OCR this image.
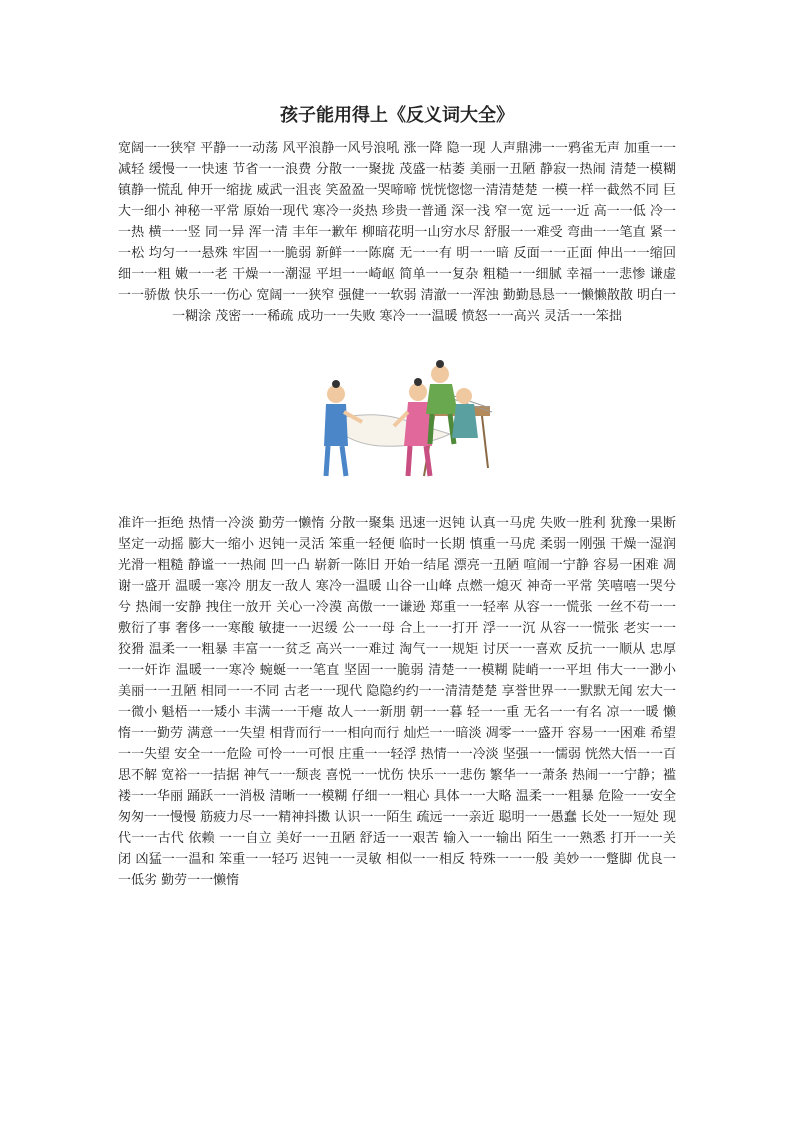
孩子能用得上《反义词大全》

宽阔一一狭窄 平静一一动荡 风平浪静一风号浪吼 涨一降 隐一现 人声鼎沸一一鸦雀无声 加重一一减轻 缓慢一一快速 节省一一浪费 分散一一聚拢 茂盛一枯萎 美丽一丑陋 静寂一热闹 清楚一模糊 镇静一慌乱 伸开一缩拢 威武一沮丧 笑盈盈一哭啼啼 恍恍惚惚一清清楚楚 一模一样一截然不同 巨大一细小 神秘一平常 原始一现代 寒冷一炎热 珍贵一普通 深一浅 窄一宽 远一一近 高一一低 冷一一热 横一一竖 同一异 浑一清 丰年一歉年 柳暗花明一山穷水尽 舒服一一难受 弯曲一一笔直 紧一一松 均匀一一悬殊 牢固一一脆弱 新鲜一一陈腐 无一一有 明一一暗 反面一一正面 伸出一一缩回 细一一粗 嫩一一老 干燥一一潮湿 平坦一一崎岖 简单一一复杂 粗糙一一细腻 幸福一一悲惨 谦虚一一骄傲 快乐一一伤心 宽阔一一狭窄 强健一一软弱 清澈一一浑浊 勤勤恳恳一一懒懒散散 明白一一糊涂 茂密一一稀疏 成功一一失败 寒冷一一温暖 愤怒一一高兴 灵活一一笨拙

准许一拒绝 热情一冷淡 勤劳一懒惰 分散一聚集 迅速一迟钝 认真一马虎 失败一胜利 犹豫一果断 坚定一动摇 膨大一缩小 迟钝一灵活 笨重一轻便 临时一长期 慎重一马虎 柔弱一刚强 干燥一湿润 光滑一粗糙 静谧一一热闹 凹一凸 崭新一陈旧 开始一结尾 漂亮一丑陋 喧闹一宁静 容易一困难 凋谢一盛开 温暖一寒冷 朋友一敌人 寒冷一温暖 山谷一山峰 点燃一熄灭 神奇一平常 笑嘻嘻一哭兮兮 热闹一安静 拽住一放开 关心一冷漠 高傲一一谦逊 郑重一一轻率 从容一一慌张 一丝不苟一一敷衍了事 奢侈一一寒酸 敏捷一一迟缓 公一一母 合上一一打开 浮一一沉 从容一一慌张 老实一一狡猾 温柔一一粗暴 丰富一一贫乏 高兴一一难过 淘气一一规矩 讨厌一一喜欢 反抗一一顺从 忠厚一一奸诈 温暖一一寒冷 蜿蜒一一笔直 坚固一一脆弱 清楚一一模糊 陡峭一一平坦 伟大一一渺小 美丽一一丑陋 相同一一不同 古老一一现代 隐隐约约一一清清楚楚 享誉世界一一默默无闻 宏大一一微小 魁梧一一矮小 丰满一一干瘪 故人一一新朋 朝一一暮 轻一一重 无名一一有名 凉一一暖 懒惰一一勤劳 满意一一失望 相背而行一一相向而行 灿烂一一暗淡 凋零一一盛开 容易一一困难 希望一一失望 安全一一危险 可怜一一可恨 庄重一一轻浮 热情一一冷淡 坚强一一懦弱 恍然大悟一一百思不解 宽裕一一拮据 神气一一颓丧 喜悦一一忧伤 快乐一一悲伤 繁华一一萧条 热闹一一宁静；褴褛一一华丽 踊跃一一消极 清晰一一模糊 仔细一一粗心 具体一一大略 温柔一一粗暴 危险一一安全 匆匆一一慢慢 筋疲力尽一一精神抖擞 认识一一陌生 疏远一一亲近 聪明一一愚蠢 长处一一短处 现代一一古代 依赖 一一自立 美好一一丑陋 舒适一一艰苦 输入一一输出 陌生一一熟悉 打开一一关闭 凶猛一一温和 笨重一一轻巧 迟钝一一灵敏 相似一一相反 特殊一一一般 美妙一一蹩脚 优良一一低劣 勤劳一一懒惰
